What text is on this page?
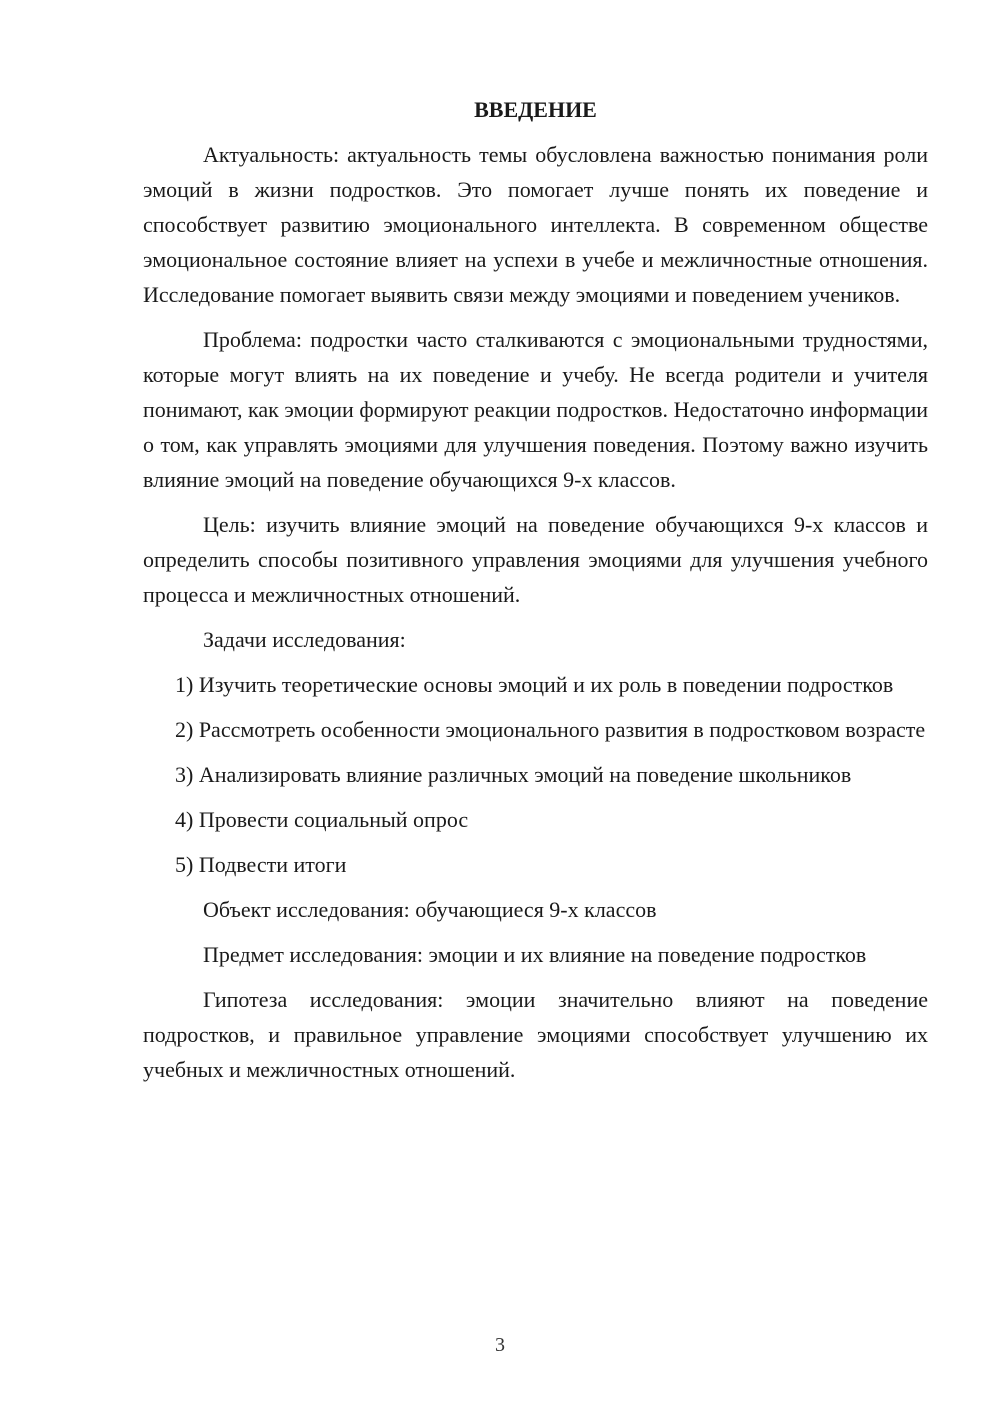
ВВЕДЕНИЕ

Актуальность: актуальность темы обусловлена важностью понимания роли эмоций в жизни подростков. Это помогает лучше понять их поведение и способствует развитию эмоционального интеллекта. В современном обществе эмоциональное состояние влияет на успехи в учебе и межличностные отношения. Исследование помогает выявить связи между эмоциями и поведением учеников.

Проблема: подростки часто сталкиваются с эмоциональными трудностями, которые могут влиять на их поведение и учебу. Не всегда родители и учителя понимают, как эмоции формируют реакции подростков. Недостаточно информации о том, как управлять эмоциями для улучшения поведения. Поэтому важно изучить влияние эмоций на поведение обучающихся 9-х классов.

Цель: изучить влияние эмоций на поведение обучающихся 9-х классов и определить способы позитивного управления эмоциями для улучшения учебного процесса и межличностных отношений.

Задачи исследования:

1) Изучить теоретические основы эмоций и их роль в поведении подростков

2) Рассмотреть особенности эмоционального развития в подростковом возрасте

3) Анализировать влияние различных эмоций на поведение школьников

4) Провести социальный опрос

5) Подвести итоги

Объект исследования: обучающиеся 9-х классов

Предмет исследования: эмоции и их влияние на поведение подростков

Гипотеза исследования: эмоции значительно влияют на поведение подростков, и правильное управление эмоциями способствует улучшению их учебных и межличностных отношений.

3
